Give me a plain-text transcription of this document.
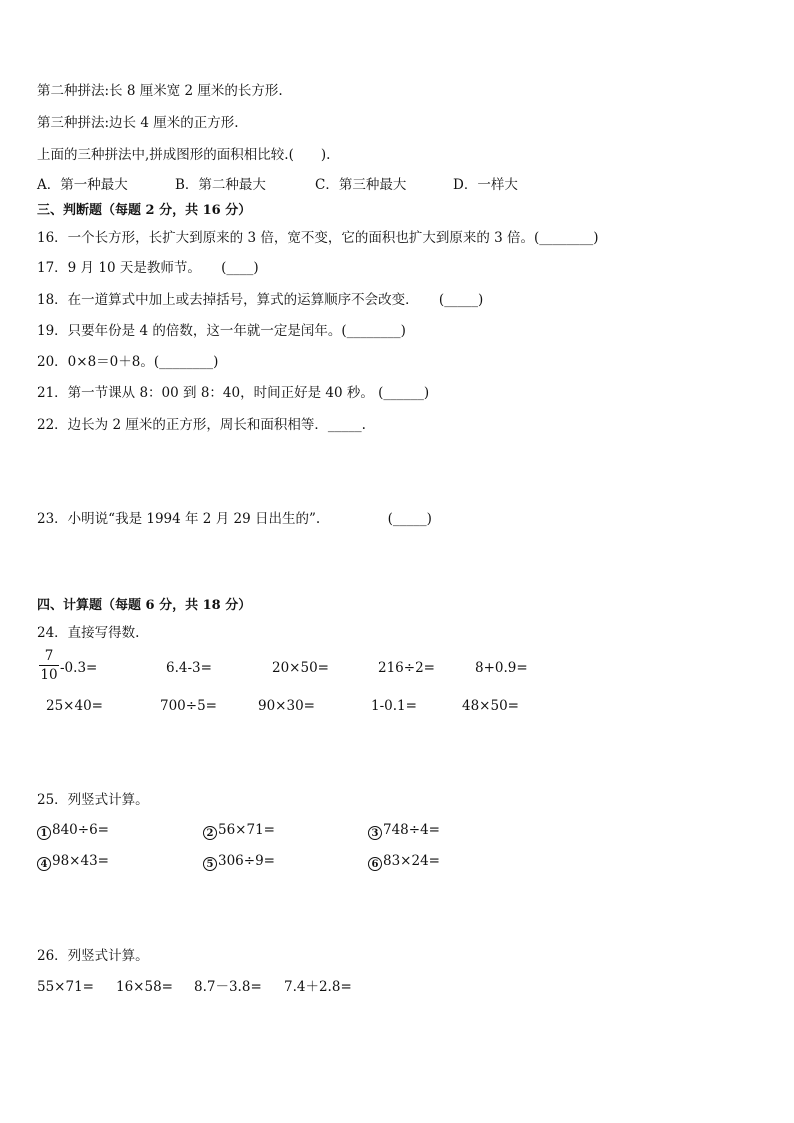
第二种拼法:长 8 厘米宽 2 厘米的长方形.
第三种拼法:边长 4 厘米的正方形.
上面的三种拼法中,拼成图形的面积相比较.(　　).
A．第一种最大	B．第二种最大	C．第三种最大	D．一样大
三、判断题（每题 2 分，共 16 分）
16．一个长方形，长扩大到原来的 3 倍，宽不变，它的面积也扩大到原来的 3 倍。(________)
17．9 月 10 天是教师节。　　(____)
18．在一道算式中加上或去掉括号，算式的运算顺序不会改变．　　(_____)
19．只要年份是 4 的倍数，这一年就一定是闰年。(________)
20．0×8＝0＋8。(________)
21．第一节课从 8：00 到 8：40，时间正好是 40 秒。 (______)
22．边长为 2 厘米的正方形，周长和面积相等．_____.
23．小明说“我是 1994 年 2 月 29 日出生的”.　　　　　(_____)
四、计算题（每题 6 分，共 18 分）
24．直接写得数.
7
10 -0.3=	6.4-3=	20×50=	216÷2=	8+0.9=
25×40=	700÷5=	90×30=	1-0.1=	48×50=
25．列竖式计算。
1 840÷6=	2 56×71=	3 748÷4=
4 98×43=	5 306÷9=	6 83×24=
26．列竖式计算。
55×71= 16×58= 8.7－3.8= 7.4＋2.8=
